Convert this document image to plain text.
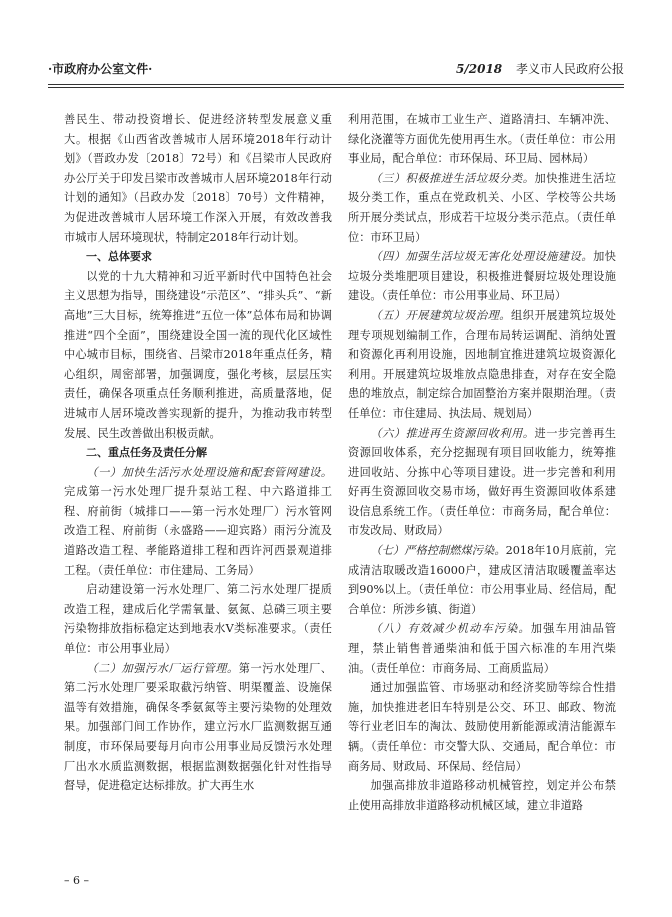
·市政府办公室文件·	5/2018 孝义市人民政府公报

善民生、带动投资增长、促进经济转型发展意义重大。根据《山西省改善城市人居环境2018年行动计划》（晋政办发〔2018〕72号）和《吕梁市人民政府办公厅关于印发吕梁市改善城市人居环境2018年行动计划的通知》（吕政办发〔2018〕70号）文件精神，为促进改善城市人居环境工作深入开展，有效改善我市城市人居环境现状，特制定2018年行动计划。

一、总体要求

以党的十九大精神和习近平新时代中国特色社会主义思想为指导，围绕建设“示范区”、“排头兵”、“新高地”三大目标，统筹推进“五位一体”总体布局和协调推进“四个全面”，围绕建设全国一流的现代化区域性中心城市目标，围绕省、吕梁市2018年重点任务，精心组织，周密部署，加强调度，强化考核，层层压实责任，确保各项重点任务顺利推进，高质量落地，促进城市人居环境改善实现新的提升，为推动我市转型发展、民生改善做出积极贡献。

二、重点任务及责任分解

（一）加快生活污水处理设施和配套管网建设。完成第一污水处理厂提升泵站工程、中六路道排工程、府前街（城排口——第一污水处理厂）污水管网改造工程、府前街（永盛路——迎宾路）雨污分流及道路改造工程、孝能路道排工程和西许河西景观道排工程。（责任单位：市住建局、工务局）

启动建设第一污水处理厂、第二污水处理厂提质改造工程，建成后化学需氧量、氨氮、总磷三项主要污染物排放指标稳定达到地表水Ⅴ类标准要求。（责任单位：市公用事业局）

（二）加强污水厂运行管理。第一污水处理厂、第二污水处理厂要采取截污纳管、明渠覆盖、设施保温等有效措施，确保冬季氨氮等主要污染物的处理效果。加强部门间工作协作，建立污水厂监测数据互通制度，市环保局要每月向市公用事业局反馈污水处理厂出水水质监测数据，根据监测数据强化针对性指导督导，促进稳定达标排放。扩大再生水

利用范围，在城市工业生产、道路清扫、车辆冲洗、绿化浇灌等方面优先使用再生水。（责任单位：市公用事业局，配合单位：市环保局、环卫局、园林局）

（三）积极推进生活垃圾分类。加快推进生活垃圾分类工作，重点在党政机关、小区、学校等公共场所开展分类试点，形成若干垃圾分类示范点。（责任单位：市环卫局）

（四）加强生活垃圾无害化处理设施建设。加快垃圾分类堆肥项目建设，积极推进餐厨垃圾处理设施建设。（责任单位：市公用事业局、环卫局）

（五）开展建筑垃圾治理。组织开展建筑垃圾处理专项规划编制工作，合理布局转运调配、消纳处置和资源化再利用设施，因地制宜推进建筑垃圾资源化利用。开展建筑垃圾堆放点隐患排查，对存在安全隐患的堆放点，制定综合加固整治方案并限期治理。（责任单位：市住建局、执法局、规划局）

（六）推进再生资源回收利用。进一步完善再生资源回收体系，充分挖掘现有项目回收能力，统筹推进回收站、分拣中心等项目建设。进一步完善和利用好再生资源回收交易市场，做好再生资源回收体系建设信息系统工作。（责任单位：市商务局，配合单位：市发改局、财政局）

（七）严格控制燃煤污染。2018年10月底前，完成清洁取暖改造16000户，建成区清洁取暖覆盖率达到90%以上。（责任单位：市公用事业局、经信局，配合单位：所涉乡镇、街道）

（八）有效减少机动车污染。加强车用油品管理，禁止销售普通柴油和低于国六标准的车用汽柴油。（责任单位：市商务局、工商质监局）

通过加强监管、市场驱动和经济奖励等综合性措施，加快推进老旧车特别是公交、环卫、邮政、物流等行业老旧车的淘汰、鼓励使用新能源或清洁能源车辆。（责任单位：市交警大队、交通局，配合单位：市商务局、财政局、环保局、经信局）

加强高排放非道路移动机械管控，划定并公布禁止使用高排放非道路移动机械区域，建立非道路

– 6 –
